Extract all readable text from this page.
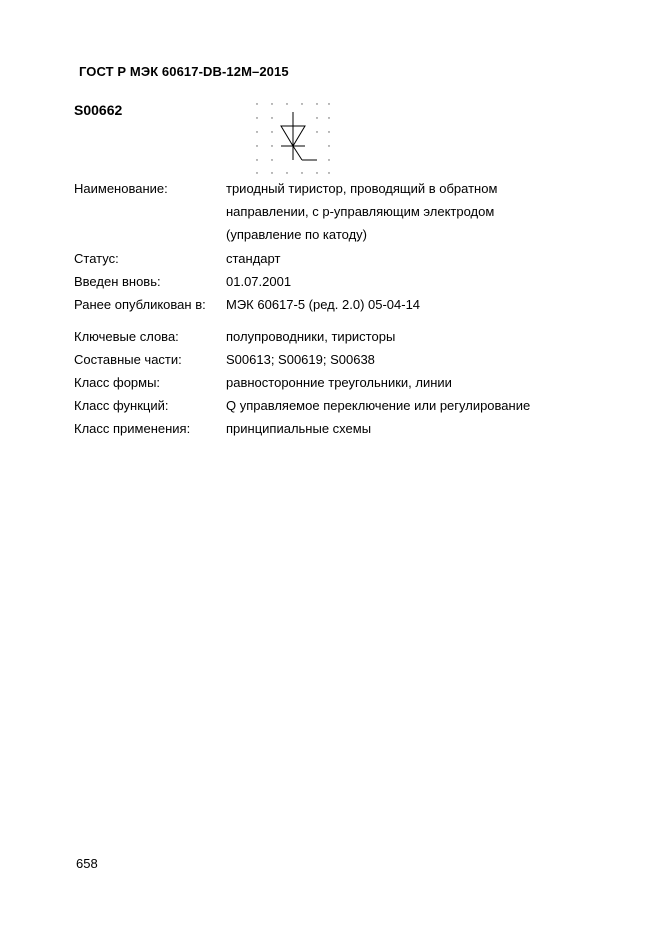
ГОСТ Р МЭК 60617-DB-12М–2015
S00662
Наименование:	триодный тиристор, проводящий в обратном
направлении, с p-управляющим электродом
(управление по катоду)
Статус:	стандарт
Введен вновь:	01.07.2001
Ранее опубликован в: МЭК 60617-5 (ред. 2.0) 05-04-14
Ключевые слова:	полупроводники, тиристоры
Составные части:	S00613; S00619; S00638
Класс формы:	равносторонние треугольники, линии
Класс функций:	Q управляемое переключение или регулирование
Класс применения:	принципиальные схемы
658
